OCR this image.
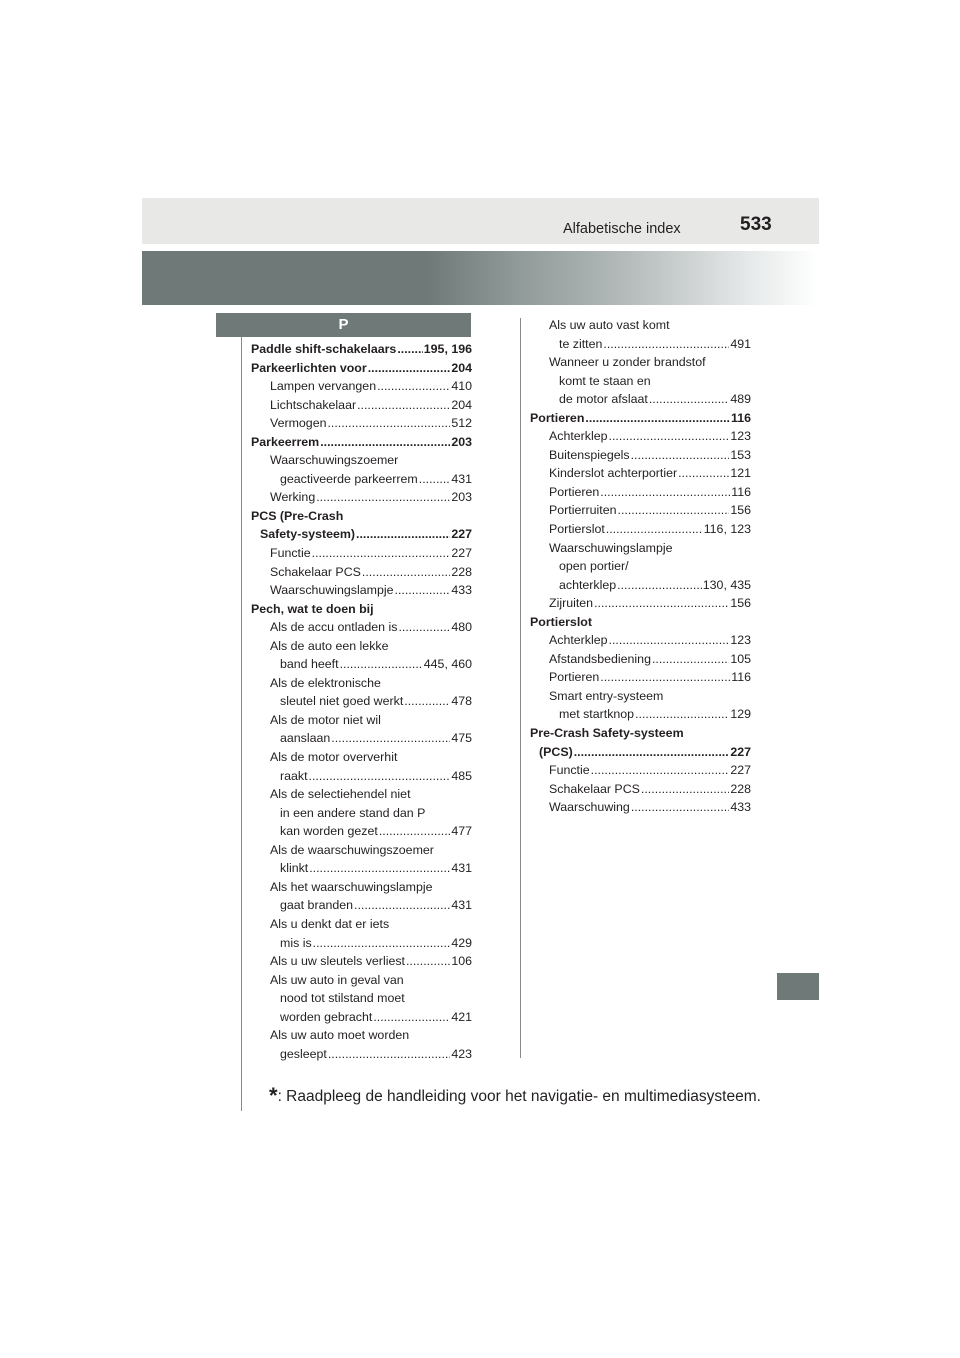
Alfabetische index	533
P
Paddle shift-schakelaars ..... 195, 196
Parkeerlichten voor .....	204
Lampen vervangen .....	410
Lichtschakelaar .....	204
Vermogen .....	512
Parkeerrem .....	203
Waarschuwingszoemer
geactiveerde parkeerrem .....	431
Werking .....	203
PCS (Pre-Crash
Safety-systeem) .....	227
Functie .....	227
Schakelaar PCS .....	228
Waarschuwingslampje .....	433
Pech, wat te doen bij
Als de accu ontladen is .....	480
Als de auto een lekke
band heeft .....	445, 460
Als de elektronische
sleutel niet goed werkt .....	478
Als de motor niet wil
aanslaan .....	475
Als de motor oververhit
raakt .....	485
Als de selectiehendel niet
in een andere stand dan P
kan worden gezet .....	477
Als de waarschuwingszoemer
klinkt .....	431
Als het waarschuwingslampje
gaat branden .....	431
Als u denkt dat er iets
mis is .....	429
Als u uw sleutels verliest .....	106
Als uw auto in geval van
nood tot stilstand moet
worden gebracht .....	421
Als uw auto moet worden
gesleept .....	423
Als uw auto vast komt
te zitten .....	491
Wanneer u zonder brandstof
komt te staan en
de motor afslaat .....	489
Portieren .....	116
Achterklep .....	123
Buitenspiegels .....	153
Kinderslot achterportier .....	121
Portieren .....	116
Portierruiten .....	156
Portierslot .....	116, 123
Waarschuwingslampje
open portier/
achterklep .....	130, 435
Zijruiten .....	156
Portierslot
Achterklep .....	123
Afstandsbediening .....	105
Portieren .....	116
Smart entry-systeem
met startknop .....	129
Pre-Crash Safety-systeem
(PCS) .....	227
Functie .....	227
Schakelaar PCS .....	228
Waarschuwing .....	433
*: Raadpleeg de handleiding voor het navigatie- en multimediasysteem.
